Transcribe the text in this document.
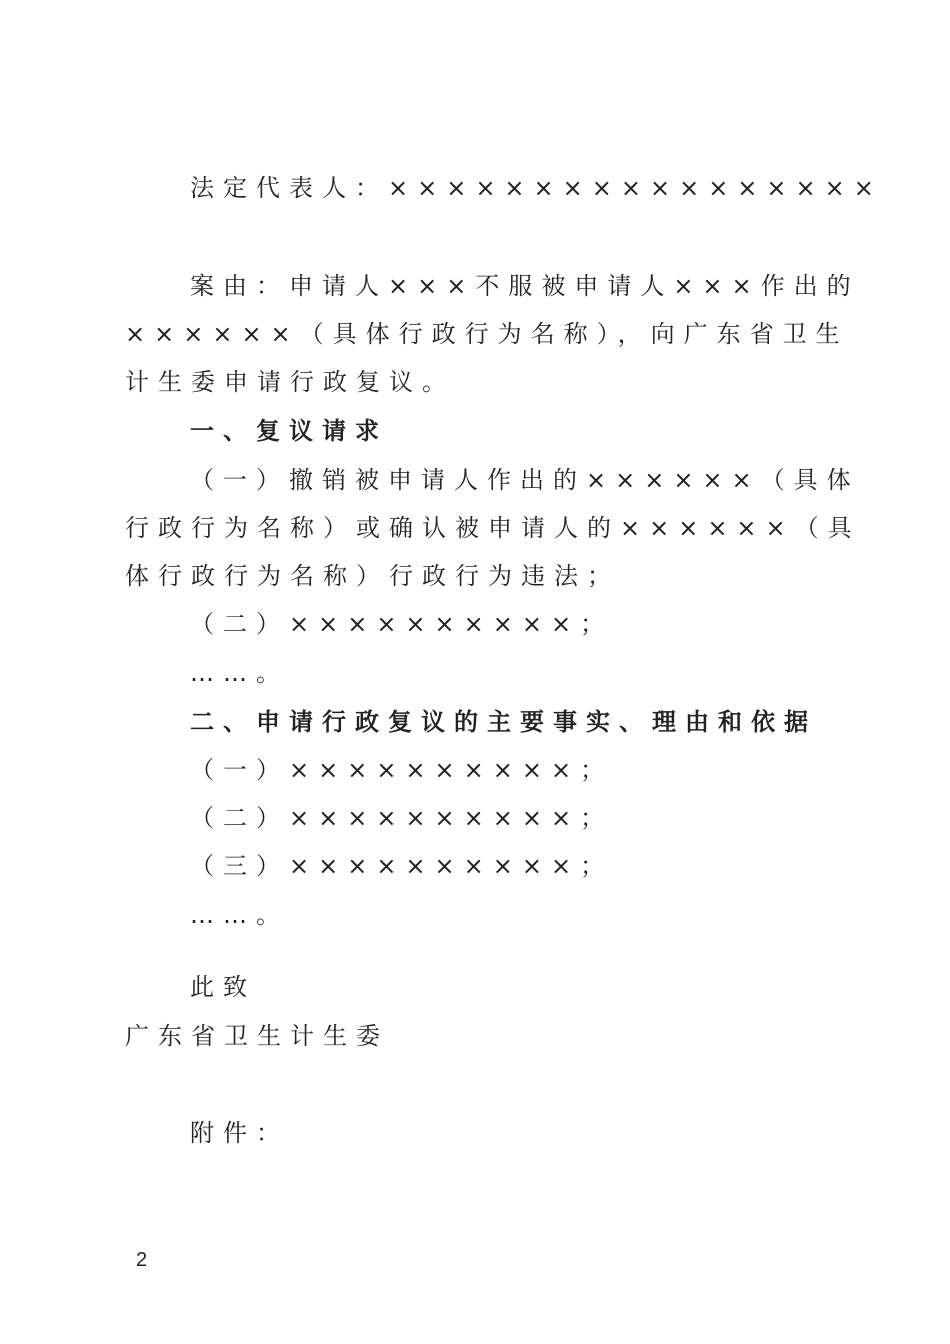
法定代表人：×××××××××××××××××
案由：申请人×××不服被申请人×××作出的
××××××（具体行政行为名称），向广东省卫生
计生委申请行政复议。
一、复议请求
（一）撤销被申请人作出的××××××（具体
行政行为名称）或确认被申请人的××××××（具
体行政行为名称）行政行为违法；
（二）××××××××××；
……。
二、申请行政复议的主要事实、理由和依据
（一）××××××××××；
（二）××××××××××；
（三）××××××××××；
……。
此致
广东省卫生计生委
附件：
2
